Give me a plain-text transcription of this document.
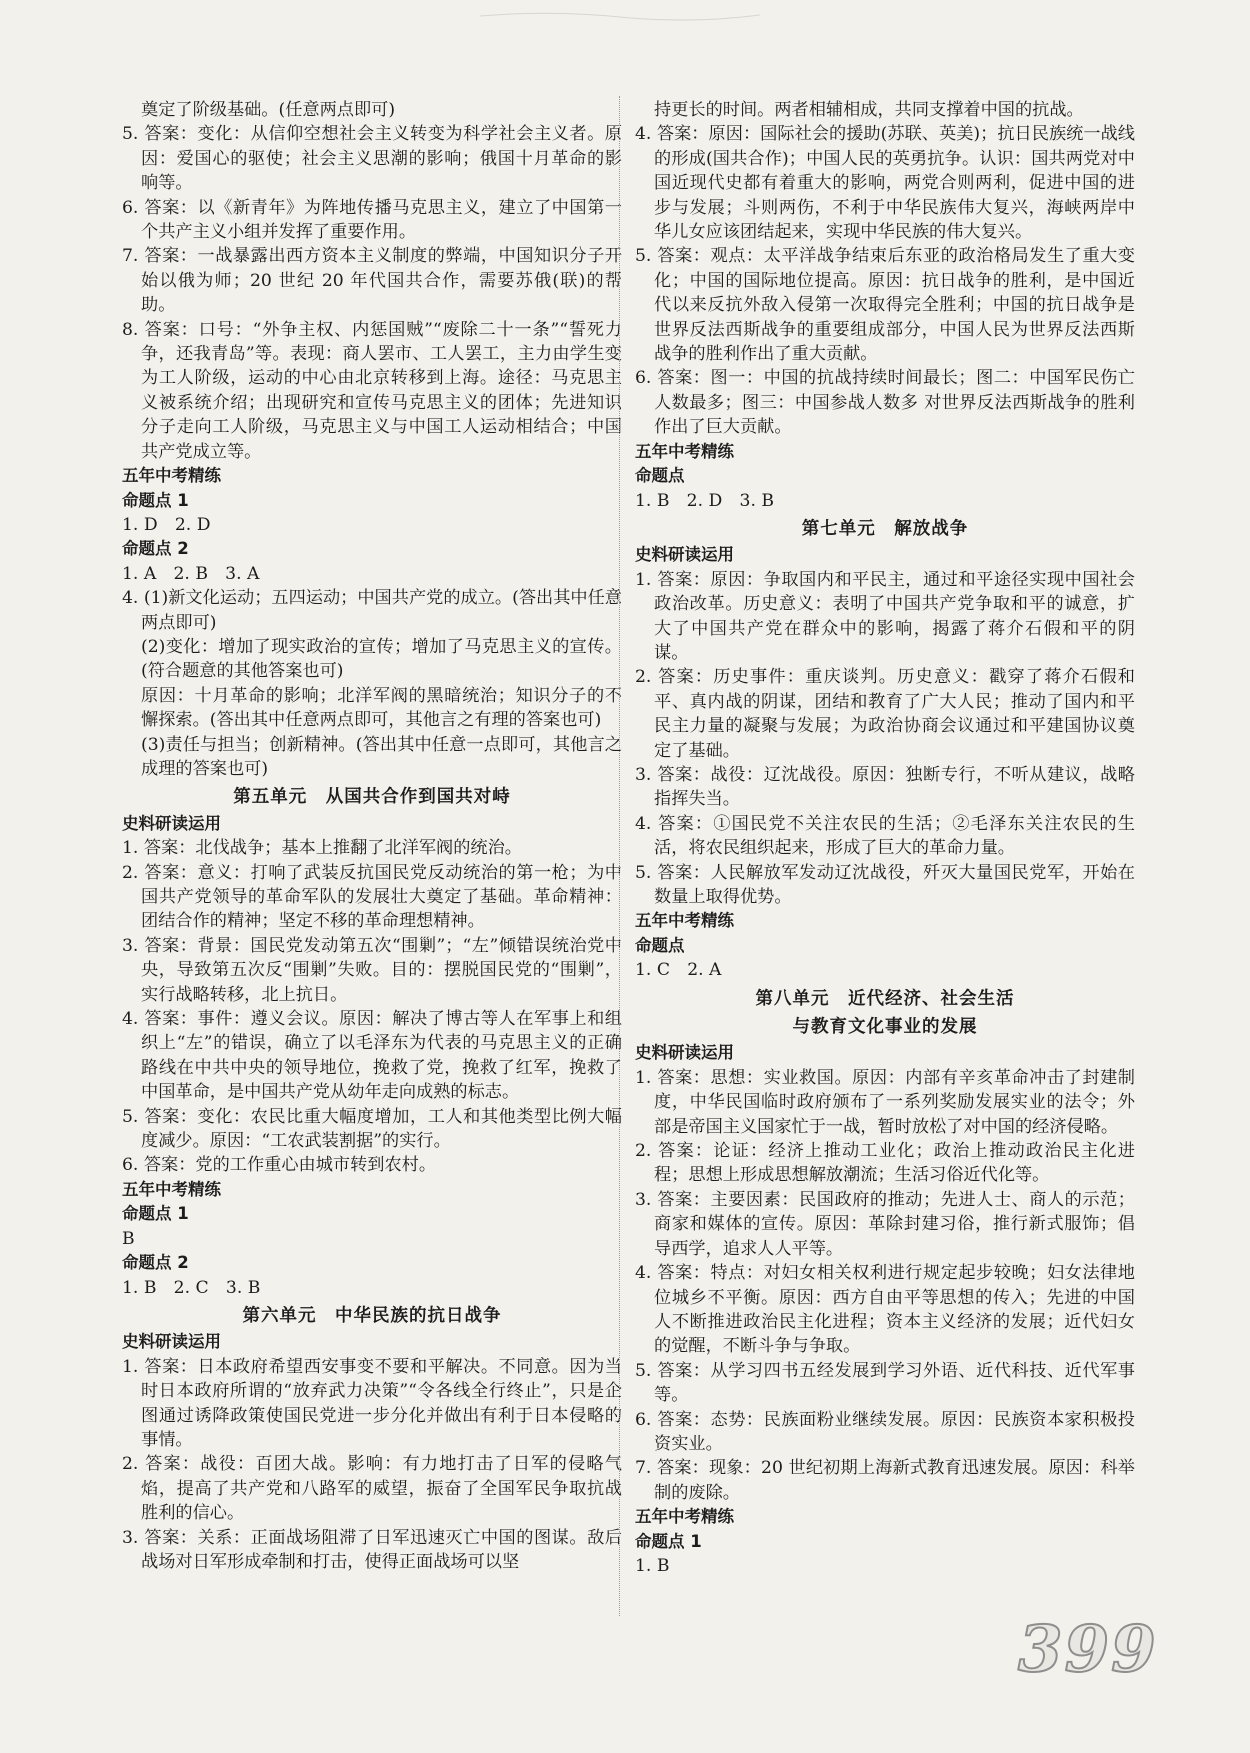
奠定了阶级基础。(任意两点即可)
5. 答案：变化：从信仰空想社会主义转变为科学社会主义者。原因：爱国心的驱使；社会主义思潮的影响；俄国十月革命的影响等。
6. 答案：以《新青年》为阵地传播马克思主义，建立了中国第一个共产主义小组并发挥了重要作用。
7. 答案：一战暴露出西方资本主义制度的弊端，中国知识分子开始以俄为师；20 世纪 20 年代国共合作，需要苏俄(联)的帮助。
8. 答案：口号：“外争主权、内惩国贼”“废除二十一条”“誓死力争，还我青岛”等。表现：商人罢市、工人罢工，主力由学生变为工人阶级，运动的中心由北京转移到上海。途径：马克思主义被系统介绍；出现研究和宣传马克思主义的团体；先进知识分子走向工人阶级，马克思主义与中国工人运动相结合；中国共产党成立等。
五年中考精练
命题点 1
1. D　2. D
命题点 2
1. A　2. B　3. A
4. (1)新文化运动；五四运动；中国共产党的成立。(答出其中任意两点即可)
(2)变化：增加了现实政治的宣传；增加了马克思主义的宣传。(符合题意的其他答案也可)
原因：十月革命的影响；北洋军阀的黑暗统治；知识分子的不懈探索。(答出其中任意两点即可，其他言之有理的答案也可)
(3)责任与担当；创新精神。(答出其中任意一点即可，其他言之成理的答案也可)
第五单元　从国共合作到国共对峙
史料研读运用
1. 答案：北伐战争；基本上推翻了北洋军阀的统治。
2. 答案：意义：打响了武装反抗国民党反动统治的第一枪；为中国共产党领导的革命军队的发展壮大奠定了基础。革命精神：团结合作的精神；坚定不移的革命理想精神。
3. 答案：背景：国民党发动第五次“围剿”；“左”倾错误统治党中央，导致第五次反“围剿”失败。目的：摆脱国民党的“围剿”，实行战略转移，北上抗日。
4. 答案：事件：遵义会议。原因：解决了博古等人在军事上和组织上“左”的错误，确立了以毛泽东为代表的马克思主义的正确路线在中共中央的领导地位，挽救了党，挽救了红军，挽救了中国革命，是中国共产党从幼年走向成熟的标志。
5. 答案：变化：农民比重大幅度增加，工人和其他类型比例大幅度减少。原因：“工农武装割据”的实行。
6. 答案：党的工作重心由城市转到农村。
五年中考精练
命题点 1
B
命题点 2
1. B　2. C　3. B
第六单元　中华民族的抗日战争
史料研读运用
1. 答案：日本政府希望西安事变不要和平解决。不同意。因为当时日本政府所谓的“放弃武力决策”“令各线全行终止”，只是企图通过诱降政策使国民党进一步分化并做出有利于日本侵略的事情。
2. 答案：战役：百团大战。影响：有力地打击了日军的侵略气焰，提高了共产党和八路军的威望，振奋了全国军民争取抗战胜利的信心。
3. 答案：关系：正面战场阻滞了日军迅速灭亡中国的图谋。敌后战场对日军形成牵制和打击，使得正面战场可以坚
持更长的时间。两者相辅相成，共同支撑着中国的抗战。
4. 答案：原因：国际社会的援助(苏联、英美)；抗日民族统一战线的形成(国共合作)；中国人民的英勇抗争。认识：国共两党对中国近现代史都有着重大的影响，两党合则两利，促进中国的进步与发展；斗则两伤，不利于中华民族伟大复兴，海峡两岸中华儿女应该团结起来，实现中华民族的伟大复兴。
5. 答案：观点：太平洋战争结束后东亚的政治格局发生了重大变化；中国的国际地位提高。原因：抗日战争的胜利，是中国近代以来反抗外敌入侵第一次取得完全胜利；中国的抗日战争是世界反法西斯战争的重要组成部分，中国人民为世界反法西斯战争的胜利作出了重大贡献。
6. 答案：图一：中国的抗战持续时间最长；图二：中国军民伤亡人数最多；图三：中国参战人数多 对世界反法西斯战争的胜利作出了巨大贡献。
五年中考精练
命题点
1. B　2. D　3. B
第七单元　解放战争
史料研读运用
1. 答案：原因：争取国内和平民主，通过和平途径实现中国社会政治改革。历史意义：表明了中国共产党争取和平的诚意，扩大了中国共产党在群众中的影响，揭露了蒋介石假和平的阴谋。
2. 答案：历史事件：重庆谈判。历史意义：戳穿了蒋介石假和平、真内战的阴谋，团结和教育了广大人民；推动了国内和平民主力量的凝聚与发展；为政治协商会议通过和平建国协议奠定了基础。
3. 答案：战役：辽沈战役。原因：独断专行，不听从建议，战略指挥失当。
4. 答案：①国民党不关注农民的生活；②毛泽东关注农民的生活，将农民组织起来，形成了巨大的革命力量。
5. 答案：人民解放军发动辽沈战役，歼灭大量国民党军，开始在数量上取得优势。
五年中考精练
命题点
1. C　2. A
第八单元　近代经济、社会生活
与教育文化事业的发展
史料研读运用
1. 答案：思想：实业救国。原因：内部有辛亥革命冲击了封建制度，中华民国临时政府颁布了一系列奖励发展实业的法令；外部是帝国主义国家忙于一战，暂时放松了对中国的经济侵略。
2. 答案：论证：经济上推动工业化；政治上推动政治民主化进程；思想上形成思想解放潮流；生活习俗近代化等。
3. 答案：主要因素：民国政府的推动；先进人士、商人的示范；商家和媒体的宣传。原因：革除封建习俗，推行新式服饰；倡导西学，追求人人平等。
4. 答案：特点：对妇女相关权利进行规定起步较晚；妇女法律地位城乡不平衡。原因：西方自由平等思想的传入；先进的中国人不断推进政治民主化进程；资本主义经济的发展；近代妇女的觉醒，不断斗争与争取。
5. 答案：从学习四书五经发展到学习外语、近代科技、近代军事等。
6. 答案：态势：民族面粉业继续发展。原因：民族资本家积极投资实业。
7. 答案：现象：20 世纪初期上海新式教育迅速发展。原因：科举制的废除。
五年中考精练
命题点 1
1. B
399
